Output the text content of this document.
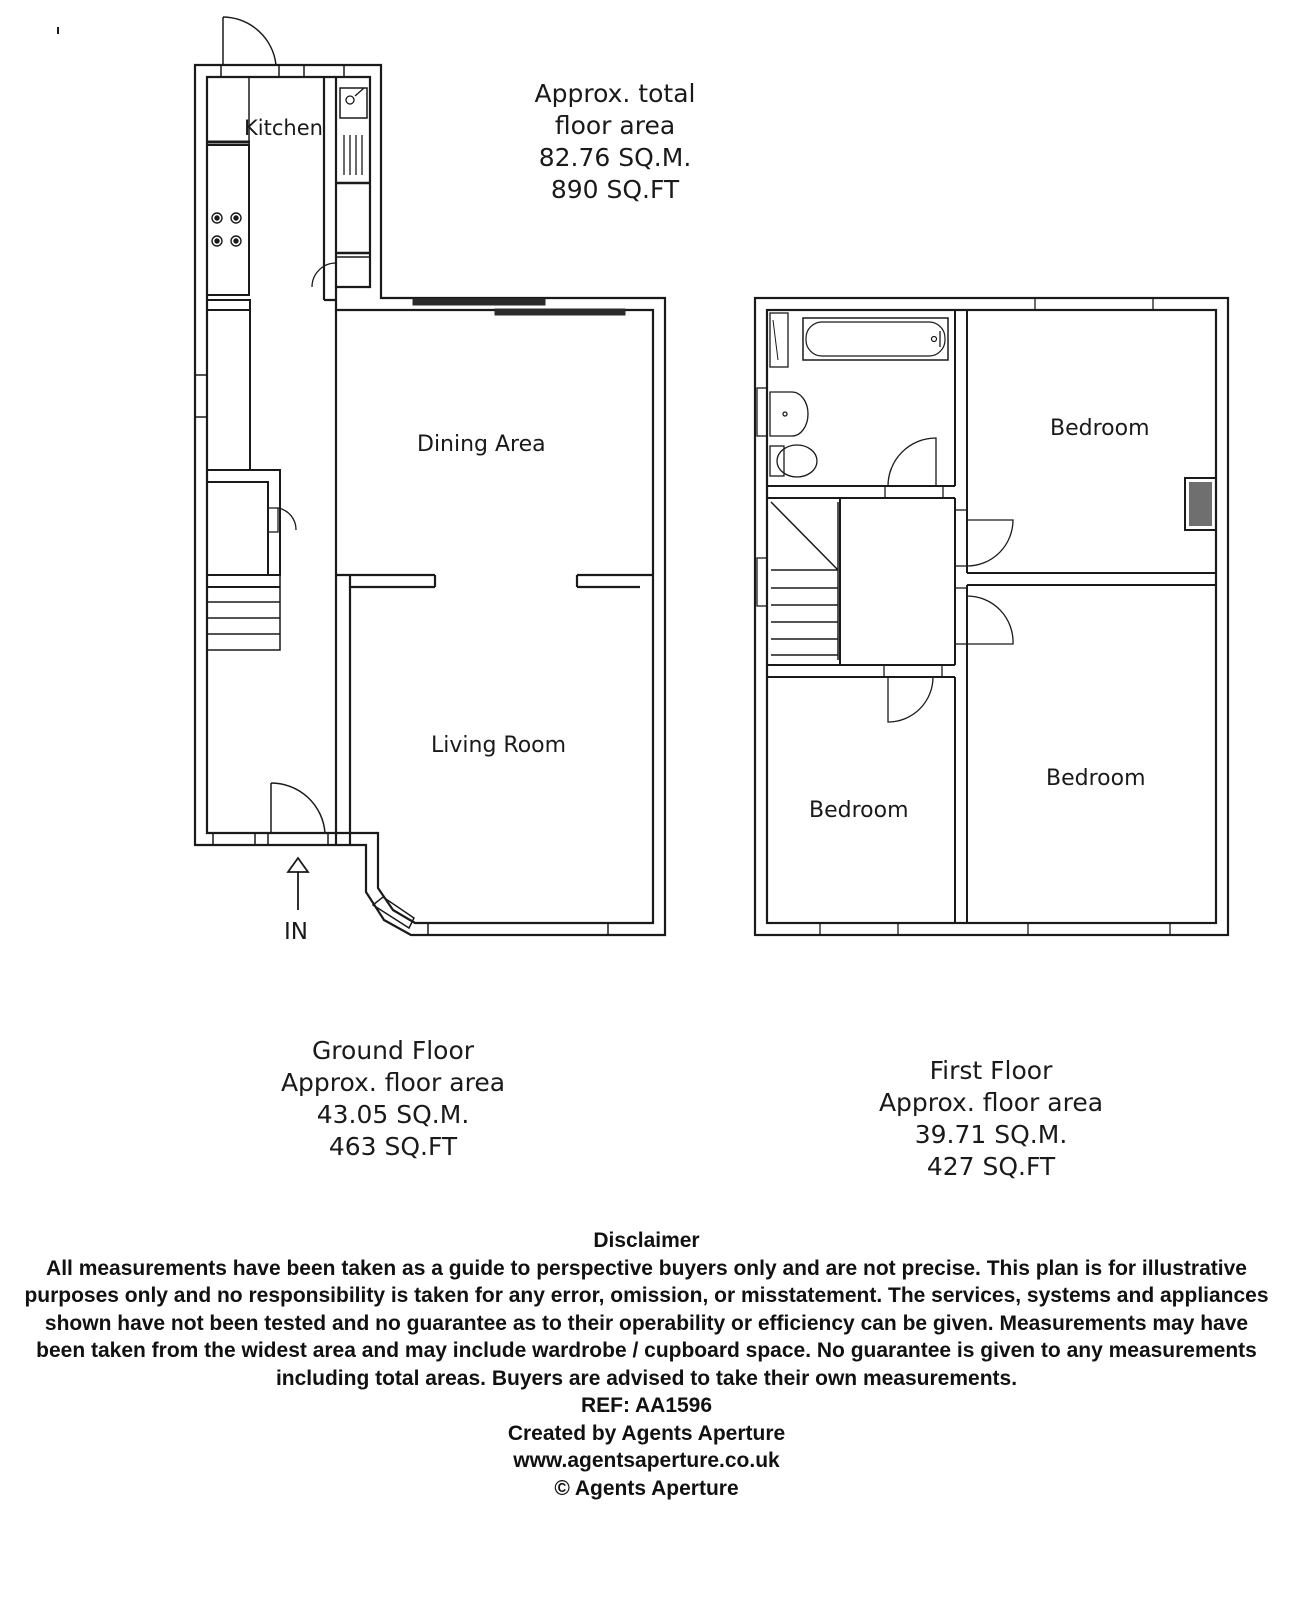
Kitchen
Dining Area
Living Room
IN
Bedroom
Bedroom
Bedroom
Approx. total
floor area
82.76 SQ.M.
890 SQ.FT
Ground Floor
Approx. floor area
43.05 SQ.M.
463 SQ.FT
First Floor
Approx. floor area
39.71 SQ.M.
427 SQ.FT
Disclaimer
All measurements have been taken as a guide to perspective buyers only and are not precise. This plan is for illustrative purposes only and no responsibility is taken for any error, omission, or misstatement. The services, systems and appliances shown have not been tested and no guarantee as to their operability or efficiency can be given. Measurements may have been taken from the widest area and may include wardrobe / cupboard space. No guarantee is given to any measurements including total areas. Buyers are advised to take their own measurements.
REF: AA1596
Created by Agents Aperture
www.agentsaperture.co.uk
© Agents Aperture
